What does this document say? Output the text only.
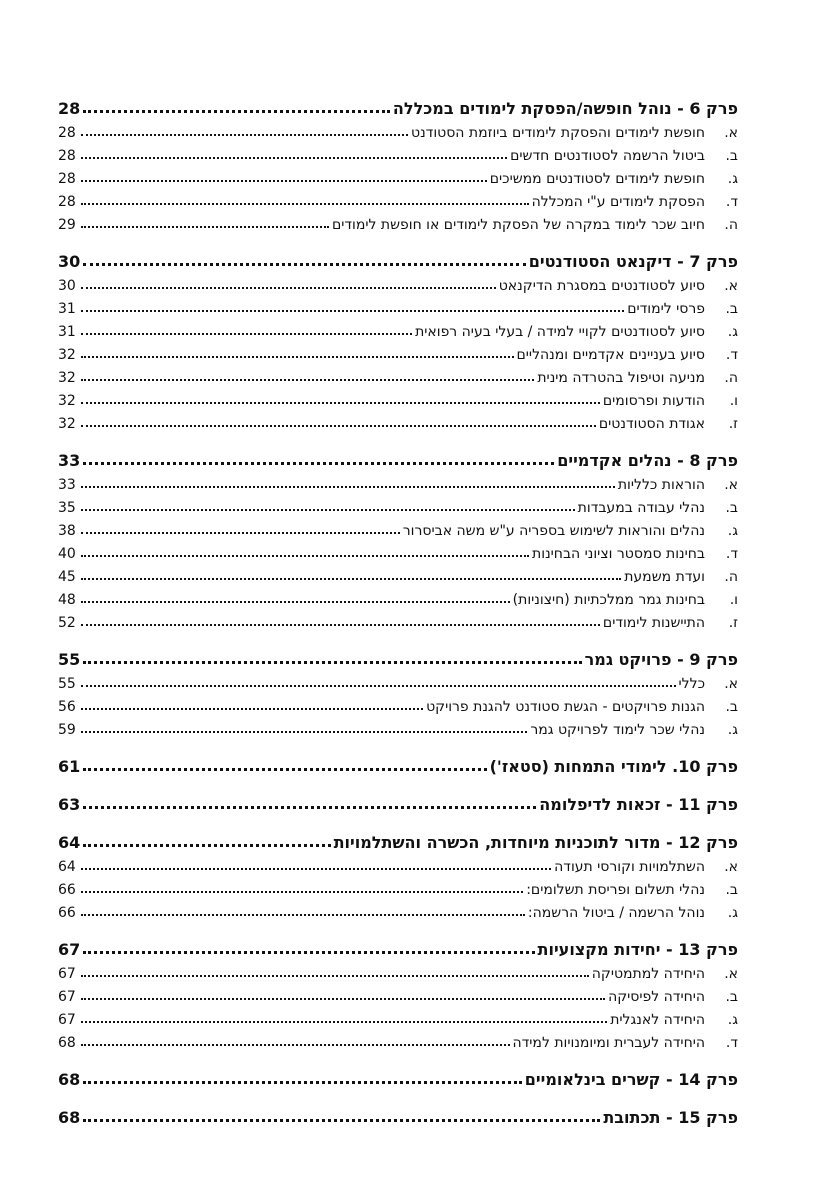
פרק 6 - נוהל חופשה/הפסקת לימודים במכללה
28
א.
חופשת לימודים והפסקת לימודים ביוזמת הסטודנט
28
ב.
ביטול הרשמה לסטודנטים חדשים
28
ג.
חופשת לימודים לסטודנטים ממשיכים
28
ד.
הפסקת לימודים ע"י המכללה
28
ה.
חיוב שכר לימוד במקרה של הפסקת לימודים או חופשת לימודים
29
פרק 7 - דיקנאט הסטודנטים
30
א.
סיוע לסטודנטים במסגרת הדיקנאט
30
ב.
פרסי לימודים
31
ג.
סיוע לסטודנטים לקויי למידה / בעלי בעיה רפואית
31
ד.
סיוע בעניינים אקדמיים ומנהליים
32
ה.
מניעה וטיפול בהטרדה מינית
32
ו.
הודעות ופרסומים
32
ז.
אגודת הסטודנטים
32
פרק 8 - נהלים אקדמיים
33
א.
הוראות כלליות
33
ב.
נהלי עבודה במעבדות
35
ג.
נהלים והוראות לשימוש בספריה ע"ש משה אביסרור
38
ד.
בחינות סמסטר וציוני הבחינות
40
ה.
ועדת משמעת
45
ו.
בחינות גמר ממלכתיות (חיצוניות)
48
ז.
התיישנות לימודים
52
פרק 9 - פרויקט גמר
55
א.
כללי
55
ב.
הגנות פרויקטים - הגשת סטודנט להגנת פרויקט
56
ג.
נהלי שכר לימוד לפרויקט גמר
59
פרק 10. לימודי התמחות (סטאז')
61
פרק 11 - זכאות לדיפלומה
63
פרק 12 - מדור לתוכניות מיוחדות, הכשרה והשתלמויות
64
א.
השתלמויות וקורסי תעודה
64
ב.
נהלי תשלום ופריסת תשלומים:
66
ג.
נוהל הרשמה / ביטול הרשמה:
66
פרק 13 - יחידות מקצועיות
67
א.
היחידה למתמטיקה
67
ב.
היחידה לפיסיקה
67
ג.
היחידה לאנגלית
67
ד.
היחידה לעברית ומיומנויות למידה
68
פרק 14 - קשרים בינלאומיים
68
פרק 15 - תכתובת
68
